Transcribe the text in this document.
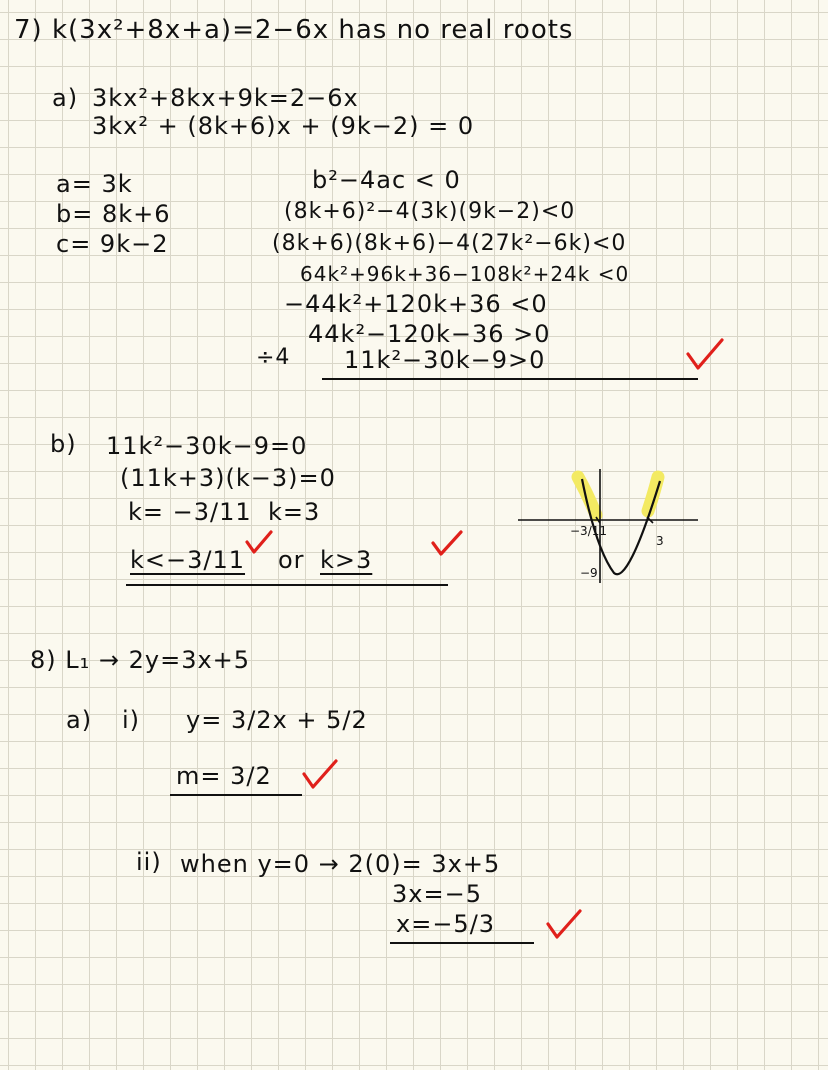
7) k(3x²+8x+a)=2−6x has no real roots
a) 3kx²+8kx+9k=2−6x
3kx² + (8k+6)x + (9k−2) = 0
a= 3k
b= 8k+6
c= 9k−2
b²−4ac < 0
(8k+6)²−4(3k)(9k−2)<0
(8k+6)(8k+6)−4(27k²−6k)<0
64k²+96k+36−108k²+24k <0
−44k²+120k+36 <0
44k²−120k−36 >0
÷4 11k²−30k−9>0
b) 11k²−30k−9=0
(11k+3)(k−3)=0
k= −3/11 k=3
k<−3/11 or k>3
−3/11
3
−9
8) L₁ → 2y=3x+5
a) i) y= 3/2x + 5/2
m= 3/2
ii) when y=0 → 2(0)= 3x+5
3x=−5
x=−5/3
